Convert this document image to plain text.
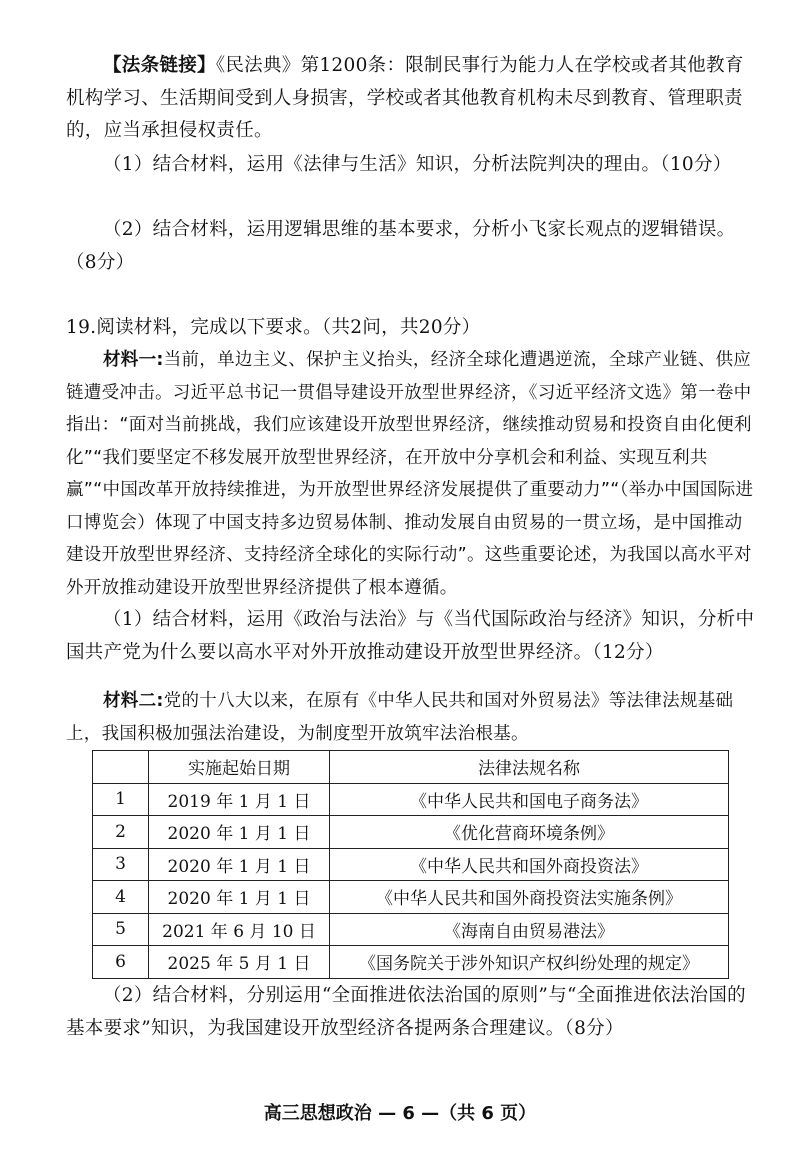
【法条链接】《民法典》第1200条：限制民事行为能力人在学校或者其他教育机构学习、生活期间受到人身损害，学校或者其他教育机构未尽到教育、管理职责的，应当承担侵权责任。

（1）结合材料，运用《法律与生活》知识，分析法院判决的理由。（10分）

（2）结合材料，运用逻辑思维的基本要求，分析小飞家长观点的逻辑错误。（8分）

19.阅读材料，完成以下要求。（共2问，共20分）

材料一:当前，单边主义、保护主义抬头，经济全球化遭遇逆流，全球产业链、供应链遭受冲击。习近平总书记一贯倡导建设开放型世界经济，《习近平经济文选》第一卷中指出：“面对当前挑战，我们应该建设开放型世界经济，继续推动贸易和投资自由化便利化”“我们要坚定不移发展开放型世界经济，在开放中分享机会和利益、实现互利共赢”“中国改革开放持续推进，为开放型世界经济发展提供了重要动力”“（举办中国国际进口博览会）体现了中国支持多边贸易体制、推动发展自由贸易的一贯立场，是中国推动建设开放型世界经济、支持经济全球化的实际行动”。这些重要论述，为我国以高水平对外开放推动建设开放型世界经济提供了根本遵循。

（1）结合材料，运用《政治与法治》与《当代国际政治与经济》知识，分析中国共产党为什么要以高水平对外开放推动建设开放型世界经济。（12分）

材料二:党的十八大以来，在原有《中华人民共和国对外贸易法》等法律法规基础上，我国积极加强法治建设，为制度型开放筑牢法治根基。

	实施起始日期	法律法规名称
1	2019 年 1 月 1 日	《中华人民共和国电子商务法》
2	2020 年 1 月 1 日	《优化营商环境条例》
3	2020 年 1 月 1 日	《中华人民共和国外商投资法》
4	2020 年 1 月 1 日	《中华人民共和国外商投资法实施条例》
5	2021 年 6 月 10 日	《海南自由贸易港法》
6	2025 年 5 月 1 日	《国务院关于涉外知识产权纠纷处理的规定》

（2）结合材料，分别运用“全面推进依法治国的原则”与“全面推进依法治国的基本要求”知识，为我国建设开放型经济各提两条合理建议。（8分）

高三思想政治 — 6 —（共 6 页）
